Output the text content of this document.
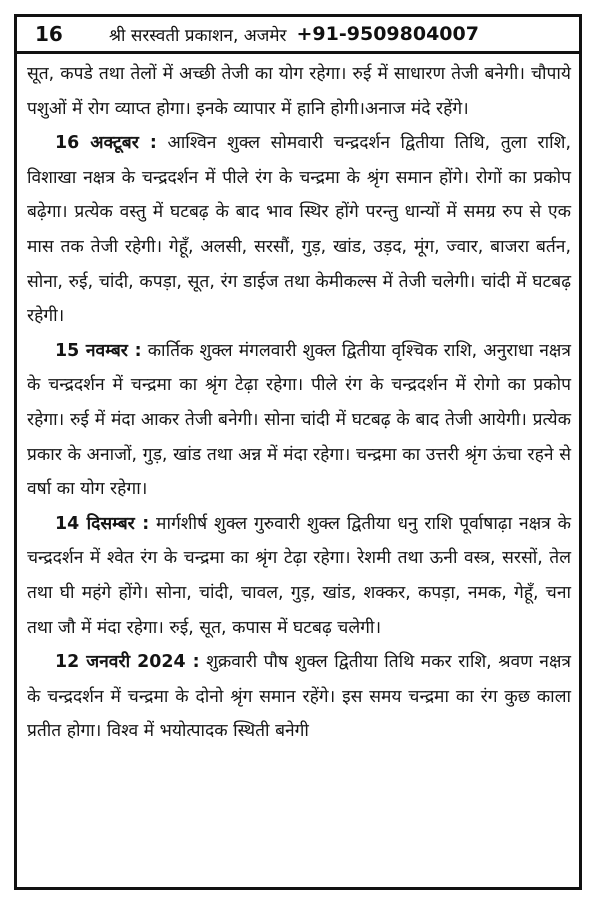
16	श्री सरस्वती प्रकाशन, अजमेर +91-9509804007

सूत, कपडे तथा तेलों में अच्छी तेजी का योग रहेगा। रुई में साधारण तेजी बनेगी। चौपाये पशुओं में रोग व्याप्त होगा। इनके व्यापार में हानि होगी।अनाज मंदे रहेंगे।

16 अक्टूबर : आश्विन शुक्ल सोमवारी चन्द्रदर्शन द्वितीया तिथि, तुला राशि, विशाखा नक्षत्र के चन्द्रदर्शन में पीले रंग के चन्द्रमा के श्रृंग समान होंगे। रोगों का प्रकोप बढ़ेगा। प्रत्येक वस्तु में घटबढ़ के बाद भाव स्थिर होंगे परन्तु धान्यों में समग्र रुप से एक मास तक तेजी रहेगी। गेहूँ, अलसी, सरसौं, गुड़, खांड, उड़द, मूंग, ज्वार, बाजरा बर्तन, सोना, रुई, चांदी, कपड़ा, सूत, रंग डाईज तथा केमीकल्स में तेजी चलेगी। चांदी में घटबढ़ रहेगी।

15 नवम्बर : कार्तिक शुक्ल मंगलवारी शुक्ल द्वितीया वृश्चिक राशि, अनुराधा नक्षत्र के चन्द्रदर्शन में चन्द्रमा का श्रृंग टेढ़ा रहेगा। पीले रंग के चन्द्रदर्शन में रोगो का प्रकोप रहेगा। रुई में मंदा आकर तेजी बनेगी। सोना चांदी में घटबढ़ के बाद तेजी आयेगी। प्रत्येक प्रकार के अनाजों, गुड़, खांड तथा अन्न में मंदा रहेगा। चन्द्रमा का उत्तरी श्रृंग ऊंचा रहने से वर्षा का योग रहेगा।

14 दिसम्बर : मार्गशीर्ष शुक्ल गुरुवारी शुक्ल द्वितीया धनु राशि पूर्वाषाढ़ा नक्षत्र के चन्द्रदर्शन में श्वेत रंग के चन्द्रमा का श्रृंग टेढ़ा रहेगा। रेशमी तथा ऊनी वस्त्र, सरसों, तेल तथा घी महंगे होंगे। सोना, चांदी, चावल, गुड़, खांड, शक्कर, कपड़ा, नमक, गेहूँ, चना तथा जौ में मंदा रहेगा। रुई, सूत, कपास में घटबढ़ चलेगी।

12 जनवरी 2024 : शुक्रवारी पौष शुक्ल द्वितीया तिथि मकर राशि, श्रवण नक्षत्र के चन्द्रदर्शन में चन्द्रमा के दोनो श्रृंग समान रहेंगे। इस समय चन्द्रमा का रंग कुछ काला प्रतीत होगा। विश्व में भयोत्पादक स्थिती बनेगी
